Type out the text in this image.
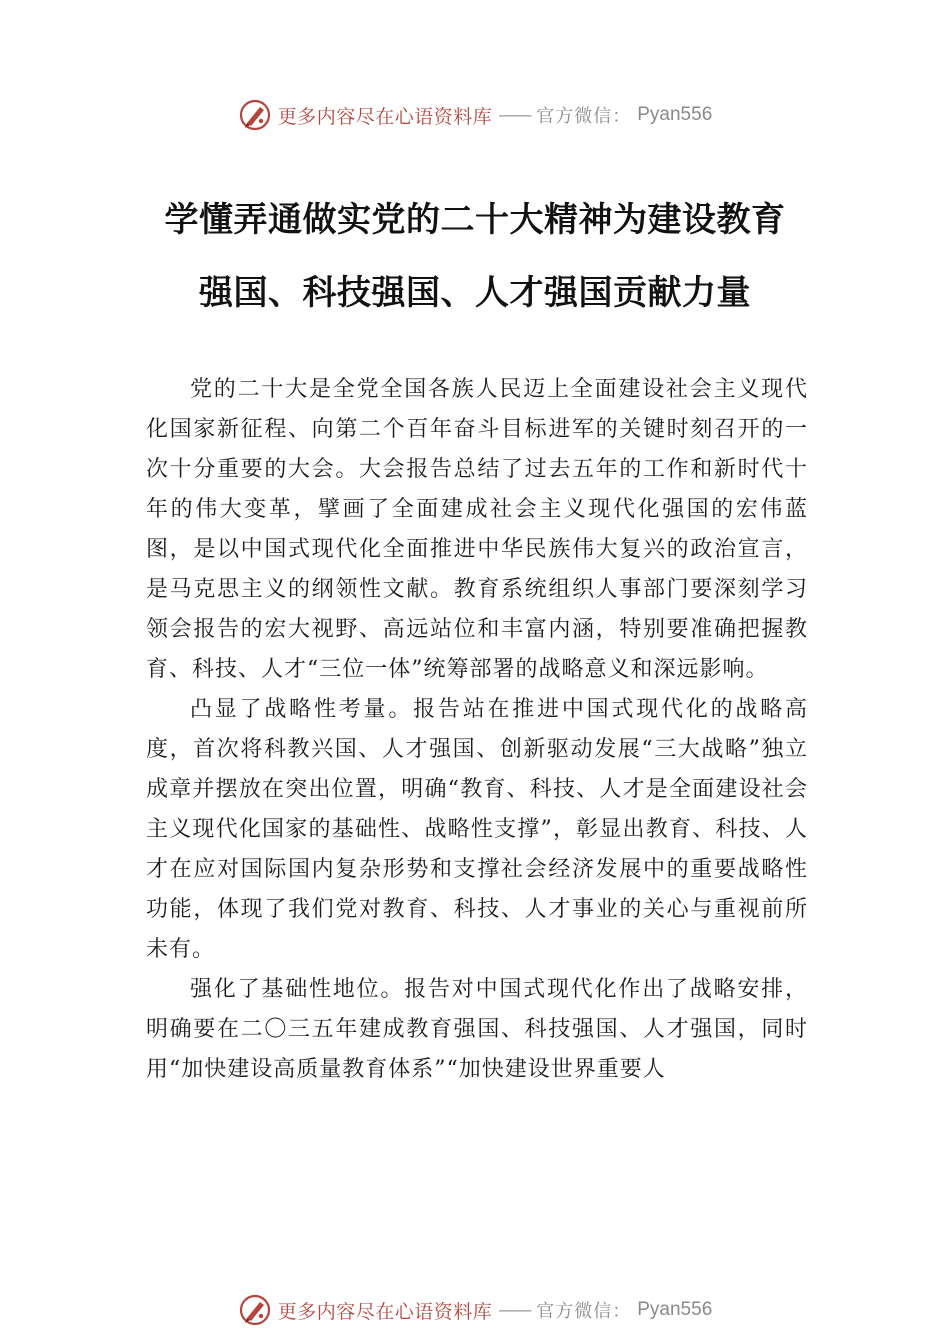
更多内容尽在心语资料库 —— 官方微信： Pyan556
学懂弄通做实党的二十大精神为建设教育
强国、科技强国、人才强国贡献力量

党的二十大是全党全国各族人民迈上全面建设社会主义现代化国家新征程、向第二个百年奋斗目标进军的关键时刻召开的一次十分重要的大会。大会报告总结了过去五年的工作和新时代十年的伟大变革，擘画了全面建成社会主义现代化强国的宏伟蓝图，是以中国式现代化全面推进中华民族伟大复兴的政治宣言，是马克思主义的纲领性文献。教育系统组织人事部门要深刻学习领会报告的宏大视野、高远站位和丰富内涵，特别要准确把握教育、科技、人才“三位一体”统筹部署的战略意义和深远影响。

凸显了战略性考量。报告站在推进中国式现代化的战略高度，首次将科教兴国、人才强国、创新驱动发展“三大战略”独立成章并摆放在突出位置，明确“教育、科技、人才是全面建设社会主义现代化国家的基础性、战略性支撑”，彰显出教育、科技、人才在应对国际国内复杂形势和支撑社会经济发展中的重要战略性功能，体现了我们党对教育、科技、人才事业的关心与重视前所未有。

强化了基础性地位。报告对中国式现代化作出了战略安排，明确要在二〇三五年建成教育强国、科技强国、人才强国，同时用“加快建设高质量教育体系”“加快建设世界重要人

更多内容尽在心语资料库 —— 官方微信： Pyan556
